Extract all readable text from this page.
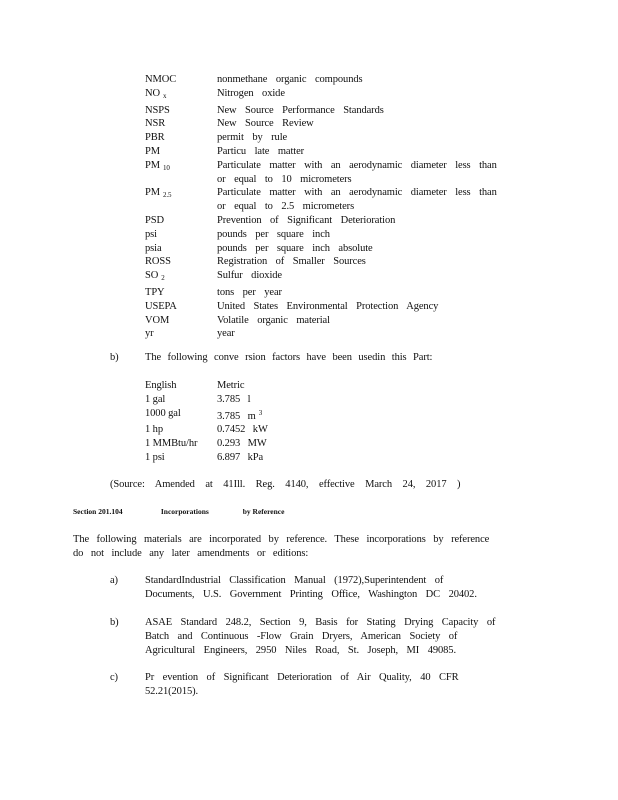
NMOC	nonmethane organic compounds
NO $_x$	Nitrogen oxide
NSPS	New Source Performance Standards
NSR	New Source Review
PBR	permit by rule
PM	Particu late matter
PM $_{10}$	Particulate matter with an aerodynamic diameter less than
or equal to 10 micrometers
PM $_{2.5}$	Particulate matter with an aerodynamic diameter less than
or equal to 2.5 micrometers
PSD	Prevention of Significant Deterioration
psi	pounds per square inch
psia	pounds per square inch absolute
ROSS	Registration of Smaller Sources
SO $_2$	Sulfur dioxide
TPY	tons per year
USEPA	United States Environmental Protection Agency
VOM	Volatile organic material
yr	year
b)	The following conve rsion factors have been usedin this Part:
English	Metric
1 gal	3.785 l
1000 gal	3.785 m $^3$
1 hp	0.7452 kW
1 MMBtu/hr	0.293 MW
1 psi	6.897 kPa
(Source: Amended at 41Ill. Reg. 4140, effective March 24, 2017 )
Section 201.104	Incorporations	by Reference
The following materials are incorporated by reference. These incorporations by reference
do not include any later amendments or editions:
a)	StandardIndustrial Classification Manual (1972),Superintendent of
Documents, U.S. Government Printing Office, Washington DC 20402.
b)	ASAE Standard 248.2, Section 9, Basis for Stating Drying Capacity of
Batch and Continuous -Flow Grain Dryers, American Society of
Agricultural Engineers, 2950 Niles Road, St. Joseph, MI 49085.
c)	Pr evention of Significant Deterioration of Air Quality, 40 CFR
52.21(2015).
